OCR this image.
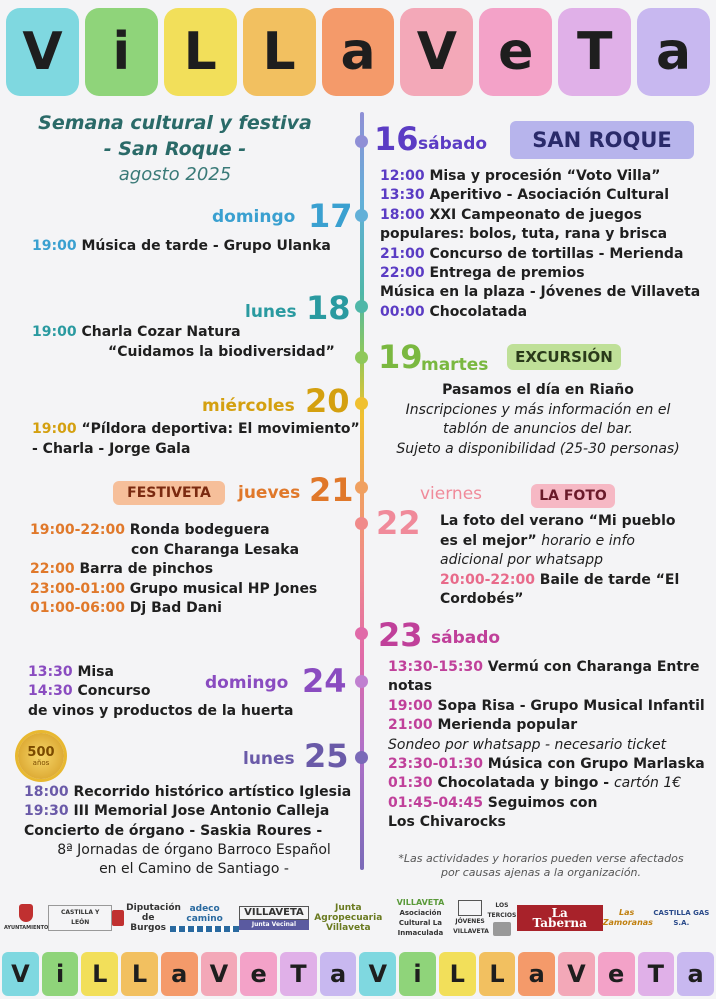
V i	L L a V e T a
Semana cultural y festiva
- San Roque -
agosto 2025
16 sábado	SAN ROQUE
12:00 Misa y procesión “Voto Villa”
13:30 Aperitivo - Asociación Cultural
18:00 XXI Campeonato de juegos
populares: bolos, tuta, rana y brisca
21:00 Concurso de tortillas - Merienda
22:00 Entrega de premios
Música en la plaza - Jóvenes de Villaveta
00:00 Chocolatada
domingo 17
19:00 Música de tarde - Grupo Ulanka
lunes 18
19:00 Charla Cozar Natura
“Cuidamos la biodiversidad” 19
martes	EXCURSIÓN
Pasamos el día en Riaño
Inscripciones y más información en el
tablón de anuncios del bar.
Sujeto a disponibilidad (25-30 personas)
miércoles 20
19:00 “Píldora deportiva: El movimiento”
- Charla - Jorge Gala
FESTIVETA	jueves 21
19:00-22:00 Ronda bodeguera
con Charanga Lesaka
22:00 Barra de pinchos
23:00-01:00 Grupo musical HP Jones
01:00-06:00 Dj Bad Dani
viernes	LA FOTO
22 La foto del verano “Mi pueblo
es el mejor” horario e info
adicional por whatsapp
20:00-22:00 Baile de tarde “El
Cordobés”
23 sábado
13:30-15:30 Vermú con Charanga Entre
notas
19:00 Sopa Risa - Grupo Musical Infantil
21:00 Merienda popular
Sondeo por whatsapp - necesario ticket
23:30-01:30 Música con Grupo Marlaska
01:30 Chocolatada y bingo - cartón 1€
01:45-04:45 Seguimos con
Los Chivarocks
13:30 Misa
14:30 Concurso
de vinos y productos de la huerta
domingo 24
500
años	lunes 25
18:00 Recorrido histórico artístico Iglesia
19:30 III Memorial Jose Antonio Calleja
Concierto de órgano - Saskia Roures -
8ª Jornadas de órgano Barroco Español
en el Camino de Santiago -
*Las actividades y horarios pueden verse afectados
por causas ajenas a la organización.
AYUNTAMIENTO
CASTILLA Y LEÓN
Diputación de Burgos
adeco camino
VILLAVETA
Junta Vecinal
Junta Agropecuaria Villaveta
VILLAVETA
Asociación Cultural La Inmaculada
JÓVENES VILLAVETA
LOS TERCIOS	La Taberna
Las Zamoranas
CASTILLA GAS S.A.
V	i	L	L a V e T a V	i	L	L a V e T a
